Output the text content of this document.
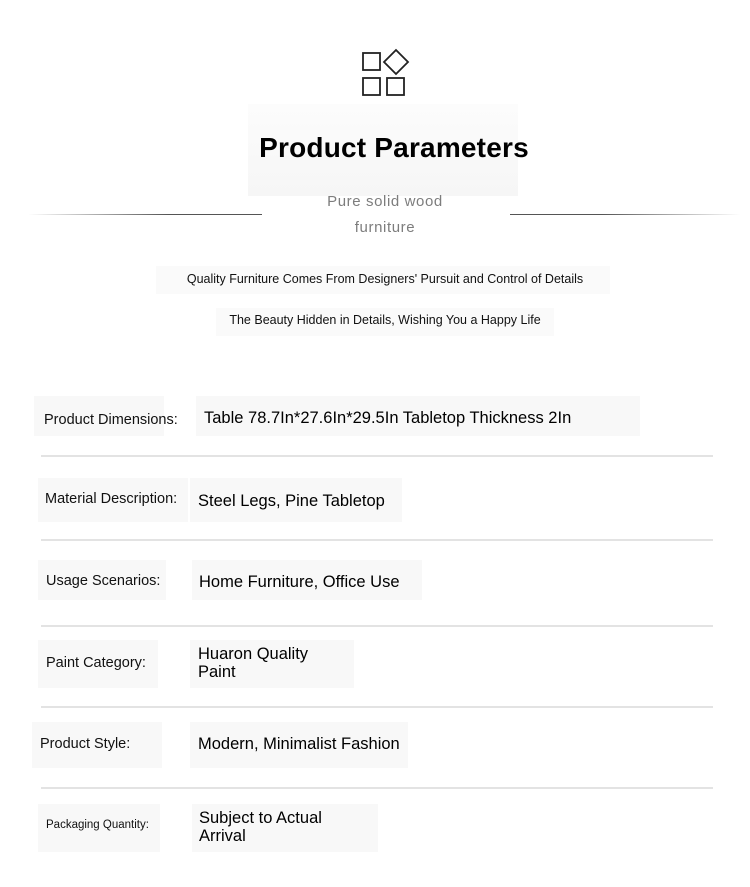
Product Parameters
Pure solid wood
furniture
Quality Furniture Comes From Designers' Pursuit and Control of Details
The Beauty Hidden in Details, Wishing You a Happy Life
Product Dimensions: Table 78.7In*27.6In*29.5In Tabletop Thickness 2In
Material Description: Steel Legs, Pine Tabletop
Usage Scenarios: Home Furniture, Office Use
Paint Category:	Huaron Quality
Paint
Product Style:	Modern, Minimalist Fashion
Packaging Quantity:	Subject to Actual
Arrival
